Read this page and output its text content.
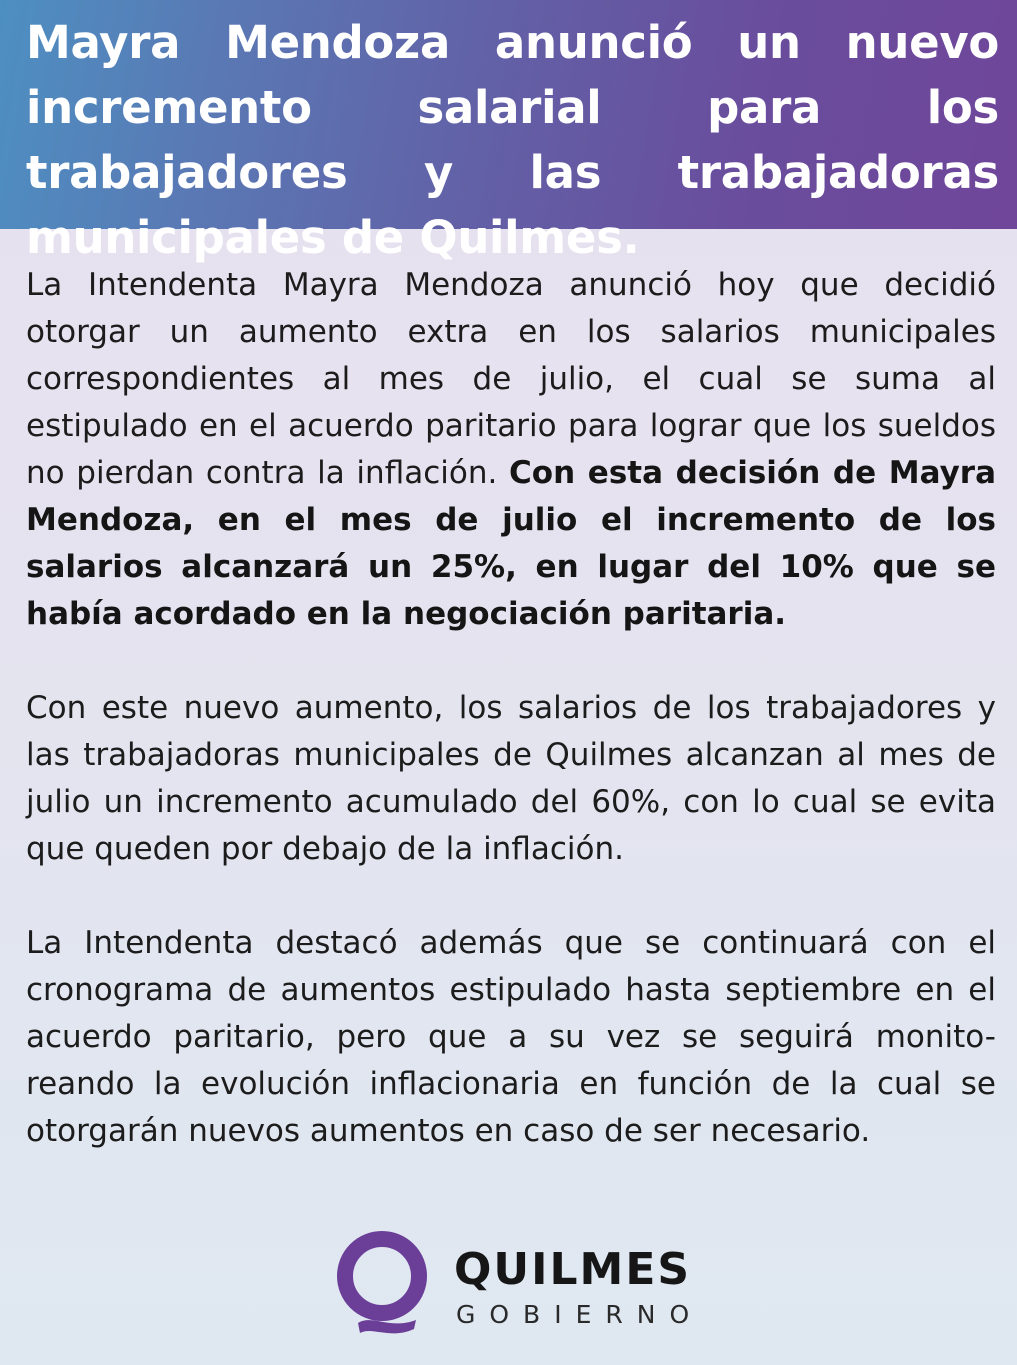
Mayra Mendoza anunció un nuevo incremento salarial para los trabajadores y las trabajadoras municipales de Quilmes.

La Intendenta Mayra Mendoza anunció hoy que decidió otorgar un aumento extra en los salarios municipales correspondientes al mes de julio, el cual se suma al estipulado en el acuerdo paritario para lograr que los sueldos no pierdan contra la inflación. Con esta decisión de Mayra Mendoza, en el mes de julio el incremento de los salarios alcanzará un 25%, en lugar del 10% que se había acordado en la negociación paritaria.

Con este nuevo aumento, los salarios de los trabajadores y las trabajadoras municipales de Quilmes alcanzan al mes de julio un incremento acumulado del 60%, con lo cual se evita que queden por debajo de la inflación.

La Intendenta destacó además que se continuará con el cronograma de aumentos estipulado hasta septiembre en el acuerdo paritario, pero que a su vez se seguirá monito-reando la evolución inflacionaria en función de la cual se otorgarán nuevos aumentos en caso de ser necesario.

QUILMES
GOBIERNO
